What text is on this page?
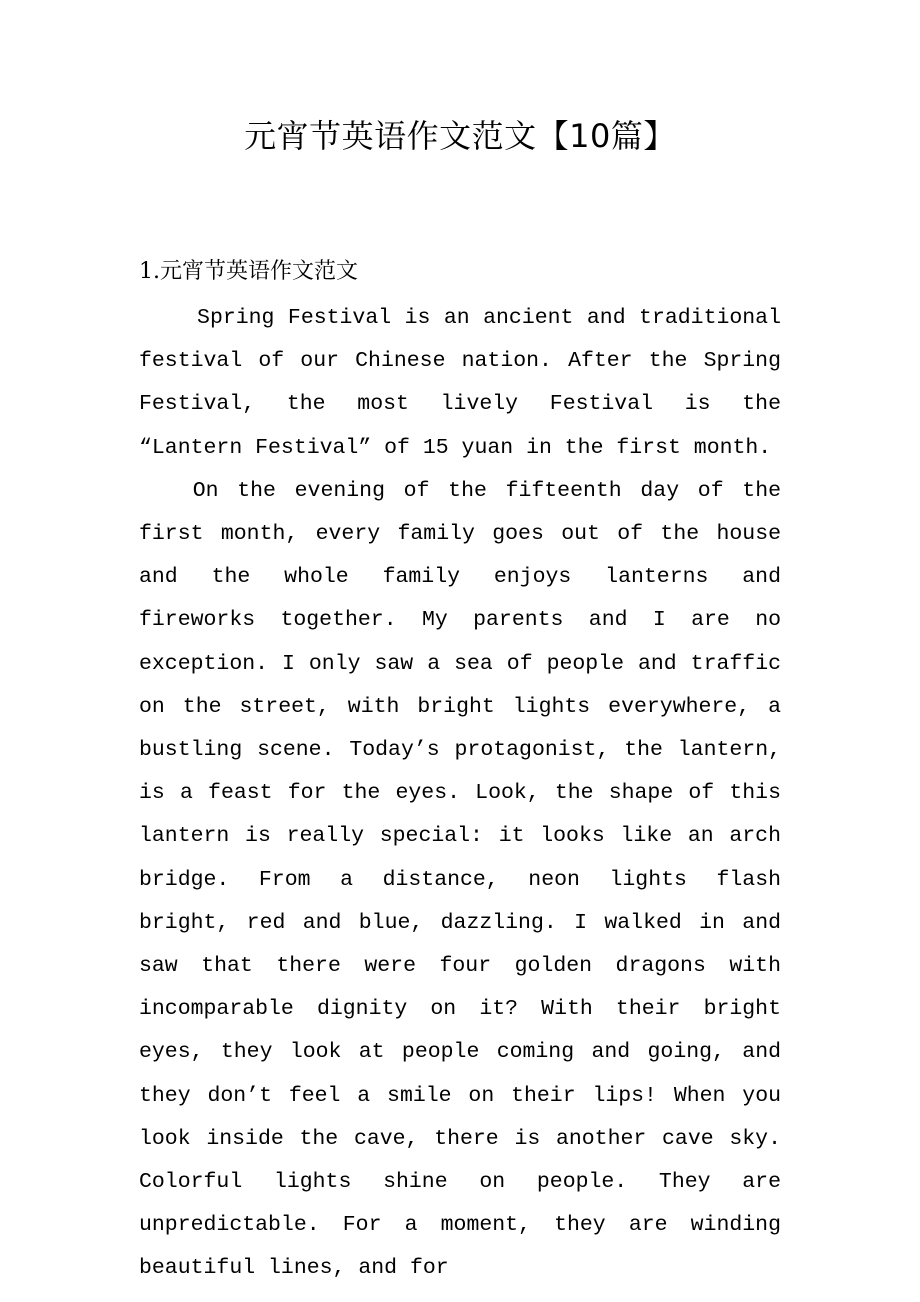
元宵节英语作文范文【10篇】
1.元宵节英语作文范文

Spring Festival is an ancient and traditional festival of our Chinese nation. After the Spring Festival, the most lively Festival is the “Lantern Festival” of 15 yuan in the first month.

On the evening of the fifteenth day of the first month, every family goes out of the house and the whole family enjoys lanterns and fireworks together. My parents and I are no exception. I only saw a sea of people and traffic on the street, with bright lights everywhere, a bustling scene. Today’s protagonist, the lantern, is a feast for the eyes. Look, the shape of this lantern is really special: it looks like an arch bridge. From a distance, neon lights flash bright, red and blue, dazzling. I walked in and saw that there were four golden dragons with incomparable dignity on it? With their bright eyes, they look at people coming and going, and they don’t feel a smile on their lips! When you look inside the cave, there is another cave sky. Colorful lights shine on people. They are unpredictable. For a moment, they are winding beautiful lines, and for
